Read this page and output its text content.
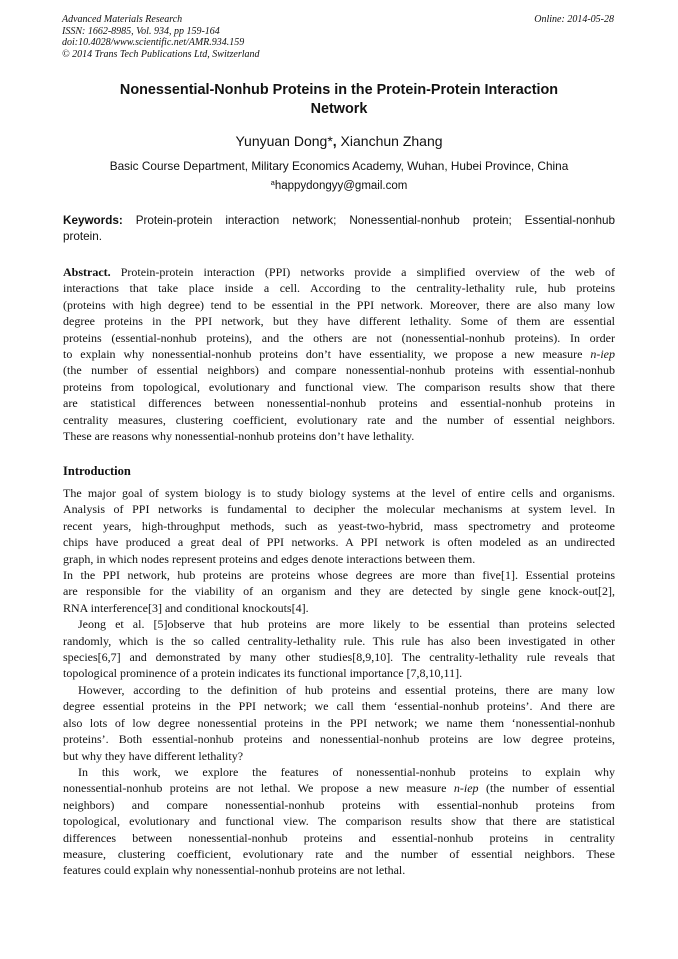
Advanced Materials Research
ISSN: 1662-8985, Vol. 934, pp 159-164
doi:10.4028/www.scientific.net/AMR.934.159
© 2014 Trans Tech Publications Ltd, Switzerland
Online: 2014-05-28
Nonessential-Nonhub Proteins in the Protein-Protein Interaction
Network
Yunyuan Dong*, Xianchun Zhang
Basic Course Department, Military Economics Academy, Wuhan, Hubei Province, China
$^a$happydongyy@gmail.com
Keywords: Protein-protein interaction network; Nonessential-nonhub protein; Essential-nonhub
protein.
Abstract. Protein-protein interaction (PPI) networks provide a simplified overview of the web of
interactions that take place inside a cell. According to the centrality-lethality rule, hub proteins
(proteins with high degree) tend to be essential in the PPI network. Moreover, there are also many low
degree proteins in the PPI network, but they have different lethality. Some of them are essential
proteins (essential-nonhub proteins), and the others are not (nonessential-nonhub proteins). In order
to explain why nonessential-nonhub proteins don’t have essentiality, we propose a new measure n-iep
(the number of essential neighbors) and compare nonessential-nonhub proteins with essential-nonhub
proteins from topological, evolutionary and functional view. The comparison results show that there
are statistical differences between nonessential-nonhub proteins and essential-nonhub proteins in
centrality measures, clustering coefficient, evolutionary rate and the number of essential neighbors.
These are reasons why nonessential-nonhub proteins don’t have lethality.
Introduction
The major goal of system biology is to study biology systems at the level of entire cells and organisms.
Analysis of PPI networks is fundamental to decipher the molecular mechanisms at system level. In
recent years, high-throughput methods, such as yeast-two-hybrid, mass spectrometry and proteome
chips have produced a great deal of PPI networks. A PPI network is often modeled as an undirected
graph, in which nodes represent proteins and edges denote interactions between them.
In the PPI network, hub proteins are proteins whose degrees are more than five[1]. Essential proteins
are responsible for the viability of an organism and they are detected by single gene knock-out[2],
RNA interference[3] and conditional knockouts[4].
Jeong et al. [5]observe that hub proteins are more likely to be essential than proteins selected
randomly, which is the so called centrality-lethality rule. This rule has also been investigated in other
species[6,7] and demonstrated by many other studies[8,9,10]. The centrality-lethality rule reveals that
topological prominence of a protein indicates its functional importance [7,8,10,11].
However, according to the definition of hub proteins and essential proteins, there are many low
degree essential proteins in the PPI network; we call them ‘essential-nonhub proteins’. And there are
also lots of low degree nonessential proteins in the PPI network; we name them ‘nonessential-nonhub
proteins’. Both essential-nonhub proteins and nonessential-nonhub proteins are low degree proteins,
but why they have different lethality?
In this work, we explore the features of nonessential-nonhub proteins to explain why
nonessential-nonhub proteins are not lethal. We propose a new measure n-iep (the number of essential
neighbors) and compare nonessential-nonhub proteins with essential-nonhub proteins from
topological, evolutionary and functional view. The comparison results show that there are statistical
differences between nonessential-nonhub proteins and essential-nonhub proteins in centrality
measure, clustering coefficient, evolutionary rate and the number of essential neighbors. These
features could explain why nonessential-nonhub proteins are not lethal.
